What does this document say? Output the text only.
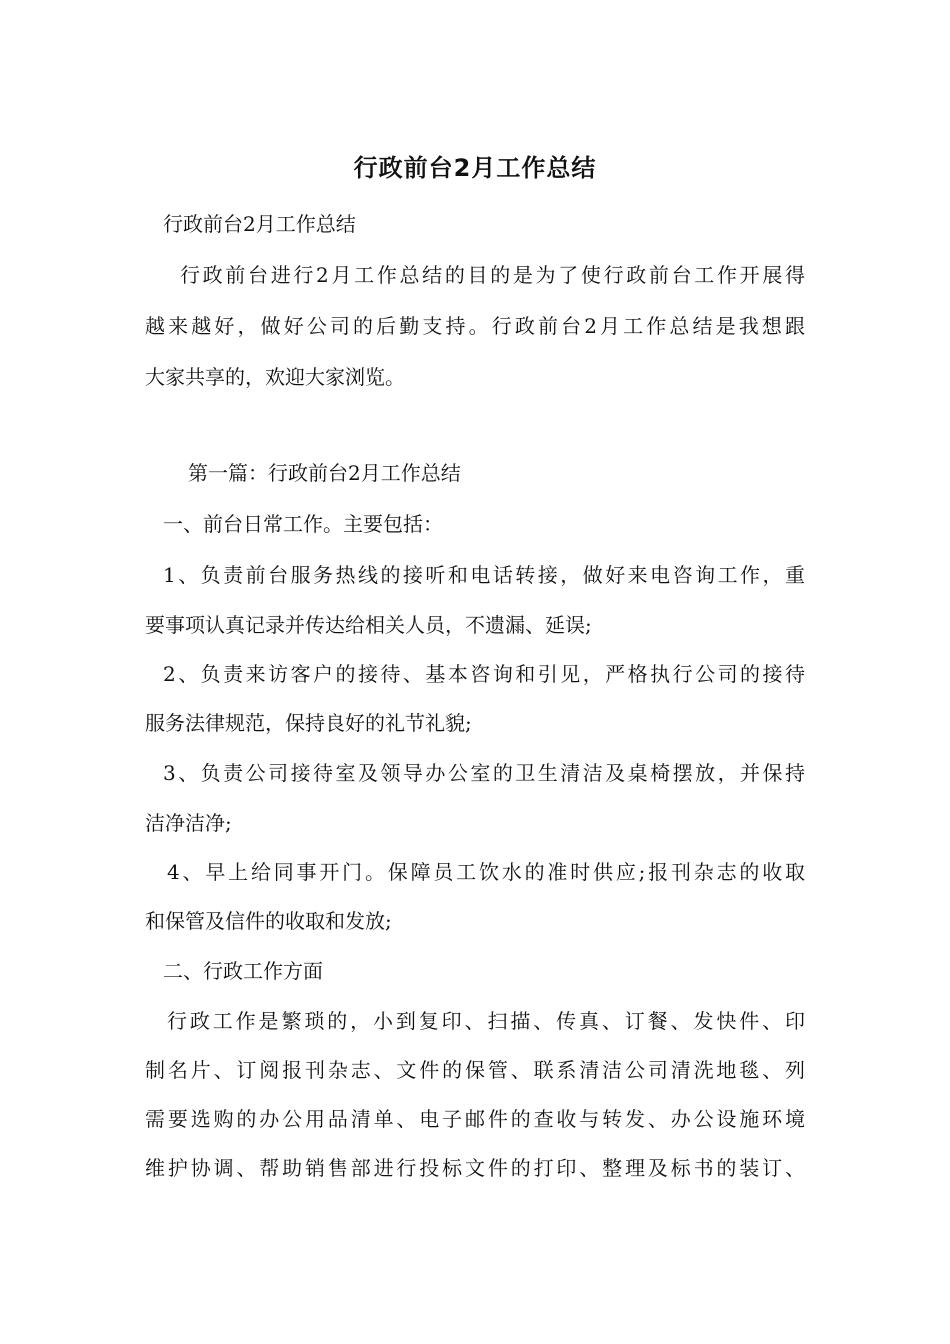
行政前台2月工作总结
行政前台2月工作总结
行政前台进行2月工作总结的目的是为了使行政前台工作开展得
越来越好，做好公司的后勤支持。行政前台2月工作总结是我想跟
大家共享的，欢迎大家浏览。
第一篇：行政前台2月工作总结
一、前台日常工作。主要包括：
1、负责前台服务热线的接听和电话转接，做好来电咨询工作，重
要事项认真记录并传达给相关人员，不遗漏、延误;
2、负责来访客户的接待、基本咨询和引见，严格执行公司的接待
服务法律规范，保持良好的礼节礼貌;
3、负责公司接待室及领导办公室的卫生清洁及桌椅摆放，并保持
洁净洁净;
4、早上给同事开门。保障员工饮水的准时供应;报刊杂志的收取
和保管及信件的收取和发放;
二、行政工作方面
行政工作是繁琐的，小到复印、扫描、传真、订餐、发快件、印
制名片、订阅报刊杂志、文件的保管、联系清洁公司清洗地毯、列
需要选购的办公用品清单、电子邮件的查收与转发、办公设施环境
维护协调、帮助销售部进行投标文件的打印、整理及标书的装订、
